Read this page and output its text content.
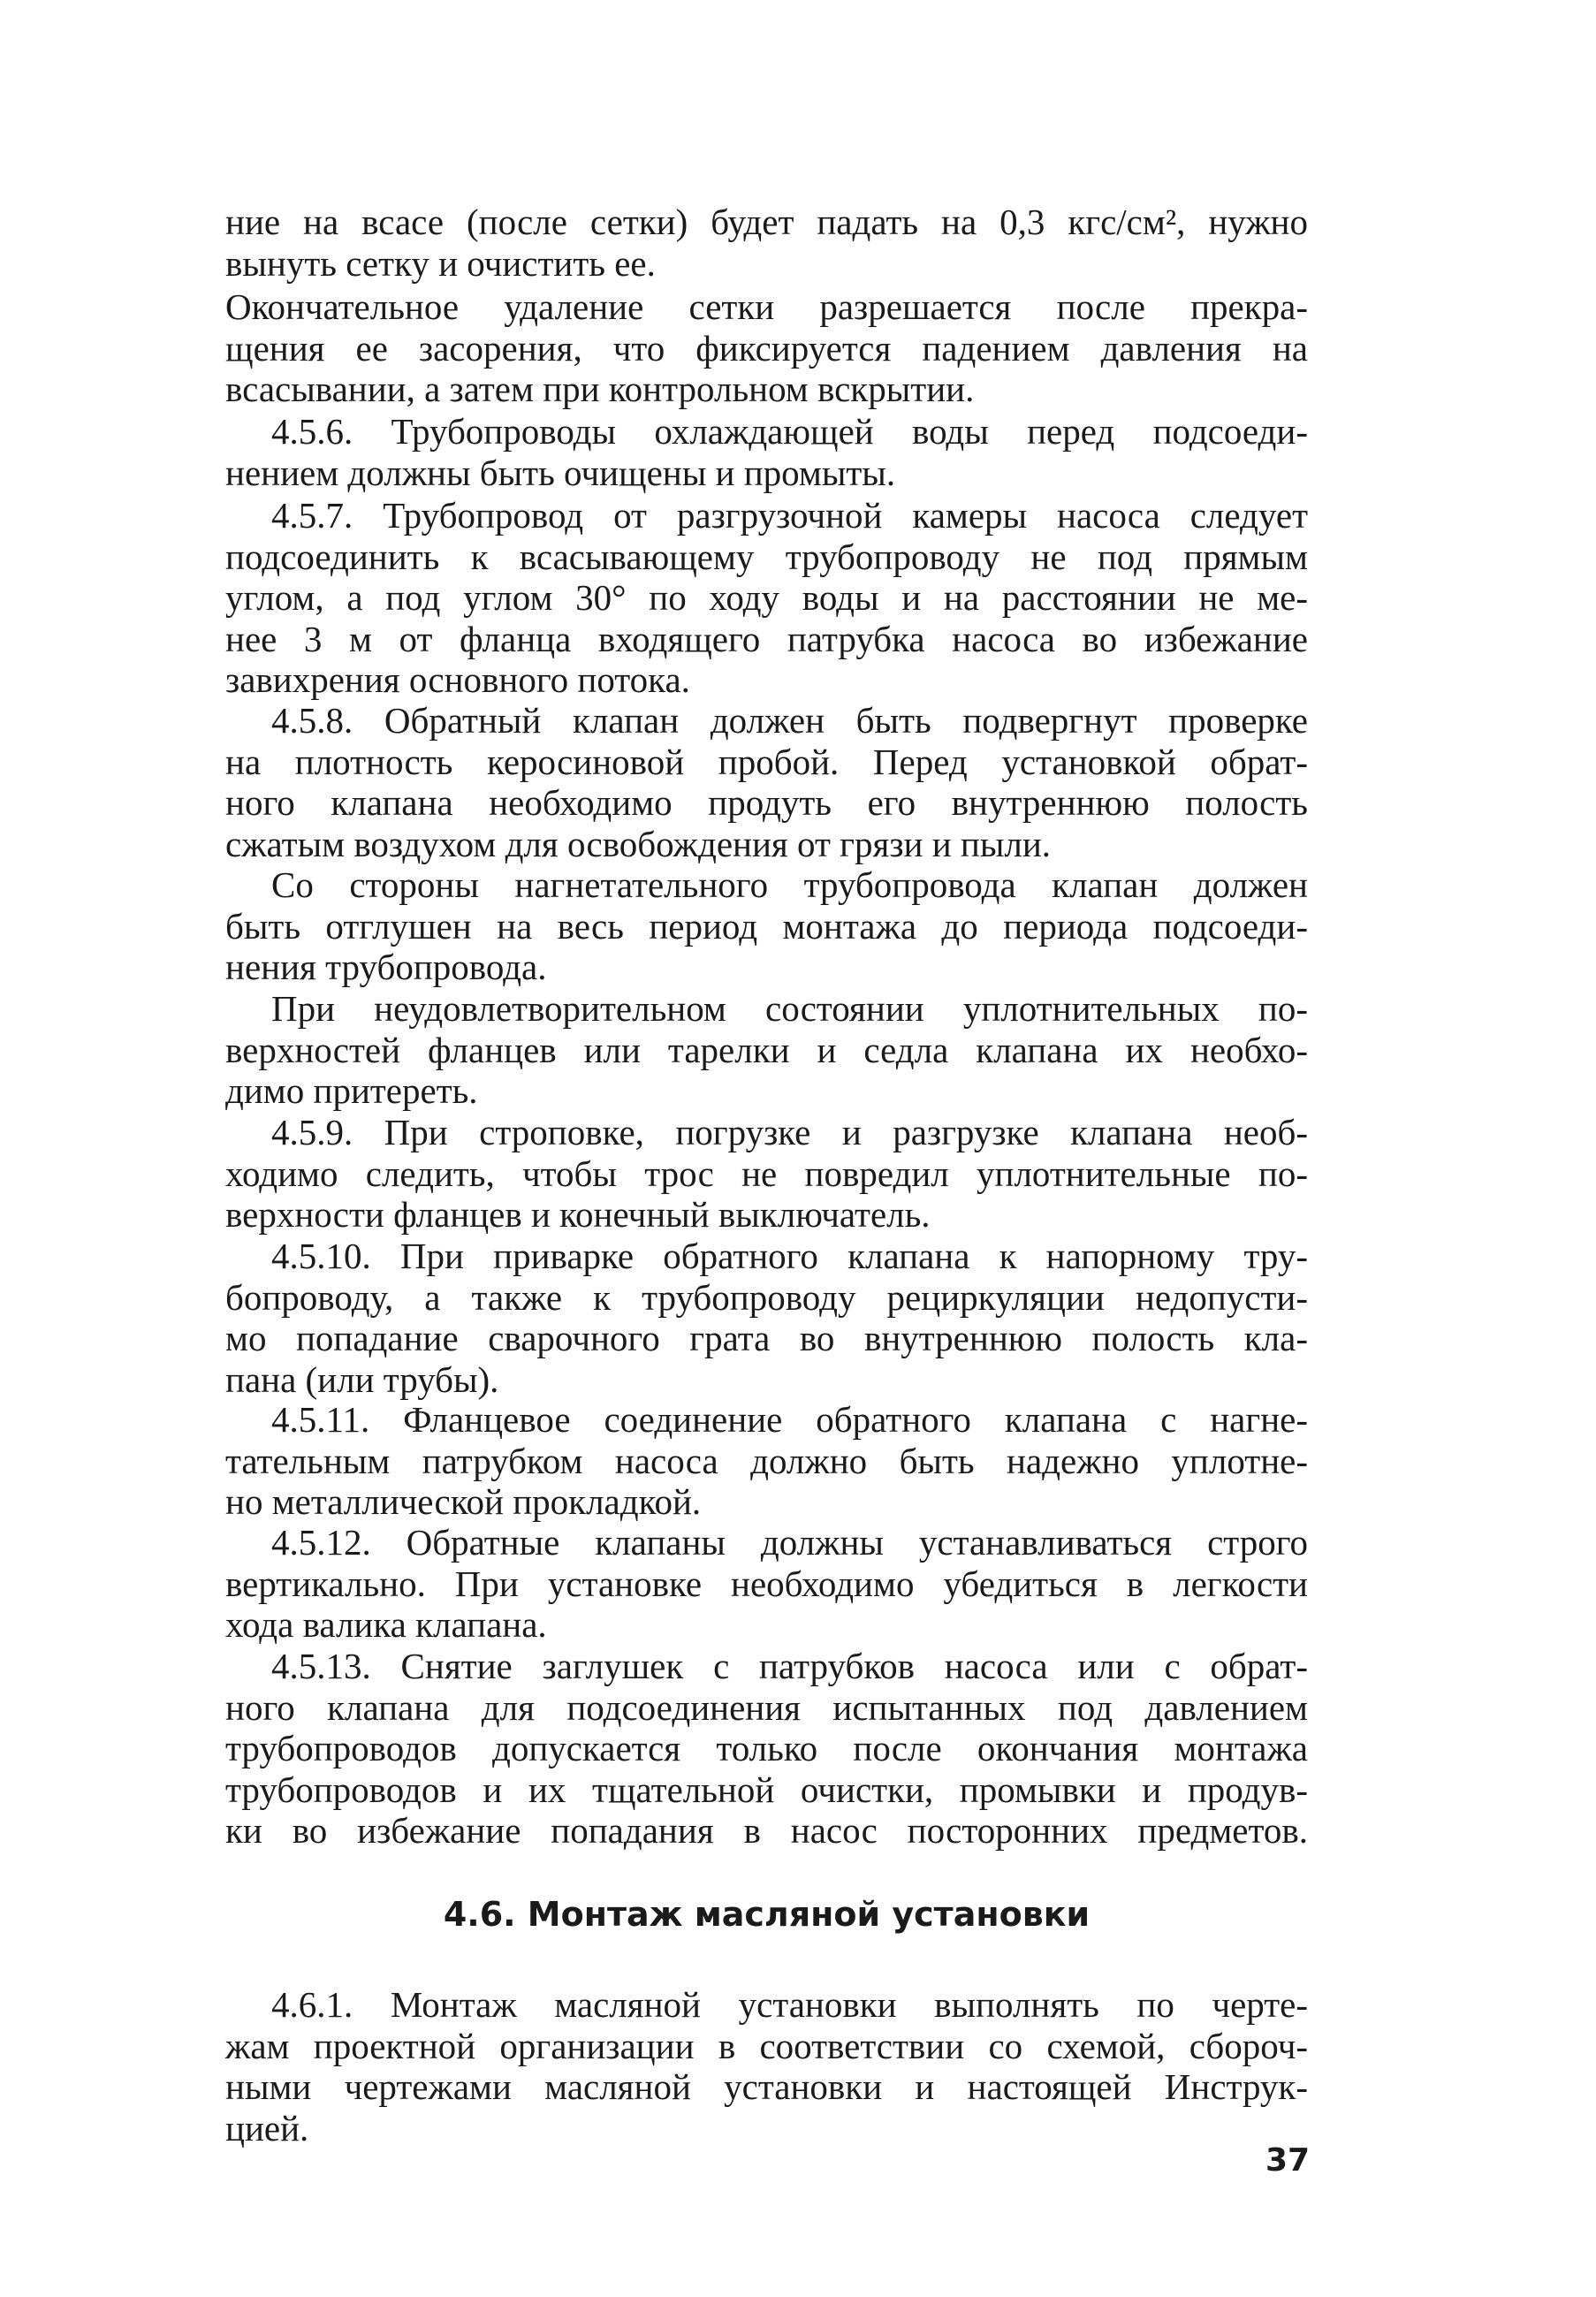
ние на всасе (после сетки) будет падать на 0,3 кгс/см², нужно
вынуть сетку и очистить ее.
Окончательное удаление сетки разрешается после прекра-
щения ее засорения, что фиксируется падением давления на
всасывании, а затем при контрольном вскрытии.
4.5.6. Трубопроводы охлаждающей воды перед подсоеди-
нением должны быть очищены и промыты.
4.5.7. Трубопровод от разгрузочной камеры насоса следует
подсоединить к всасывающему трубопроводу не под прямым
углом, а под углом 30° по ходу воды и на расстоянии не ме-
нее 3 м от фланца входящего патрубка насоса во избежание
завихрения основного потока.
4.5.8. Обратный клапан должен быть подвергнут проверке
на плотность керосиновой пробой. Перед установкой обрат-
ного клапана необходимо продуть его внутреннюю полость
сжатым воздухом для освобождения от грязи и пыли.
Со стороны нагнетательного трубопровода клапан должен
быть отглушен на весь период монтажа до периода подсоеди-
нения трубопровода.
При неудовлетворительном состоянии уплотнительных по-
верхностей фланцев или тарелки и седла клапана их необхо-
димо притереть.
4.5.9. При строповке, погрузке и разгрузке клапана необ-
ходимо следить, чтобы трос не повредил уплотнительные по-
верхности фланцев и конечный выключатель.
4.5.10. При приварке обратного клапана к напорному тру-
бопроводу, а также к трубопроводу рециркуляции недопусти-
мо попадание сварочного грата во внутреннюю полость кла-
пана (или трубы).
4.5.11. Фланцевое соединение обратного клапана с нагне-
тательным патрубком насоса должно быть надежно уплотне-
но металлической прокладкой.
4.5.12. Обратные клапаны должны устанавливаться строго
вертикально. При установке необходимо убедиться в легкости
хода валика клапана.
4.5.13. Снятие заглушек с патрубков насоса или с обрат-
ного клапана для подсоединения испытанных под давлением
трубопроводов допускается только после окончания монтажа
трубопроводов и их тщательной очистки, промывки и продув-
ки во избежание попадания в насос посторонних предметов.
4.6. Монтаж масляной установки
4.6.1. Монтаж масляной установки выполнять по черте-
жам проектной организации в соответствии со схемой, сбороч-
ными чертежами масляной установки и настоящей Инструк-
цией.
37
